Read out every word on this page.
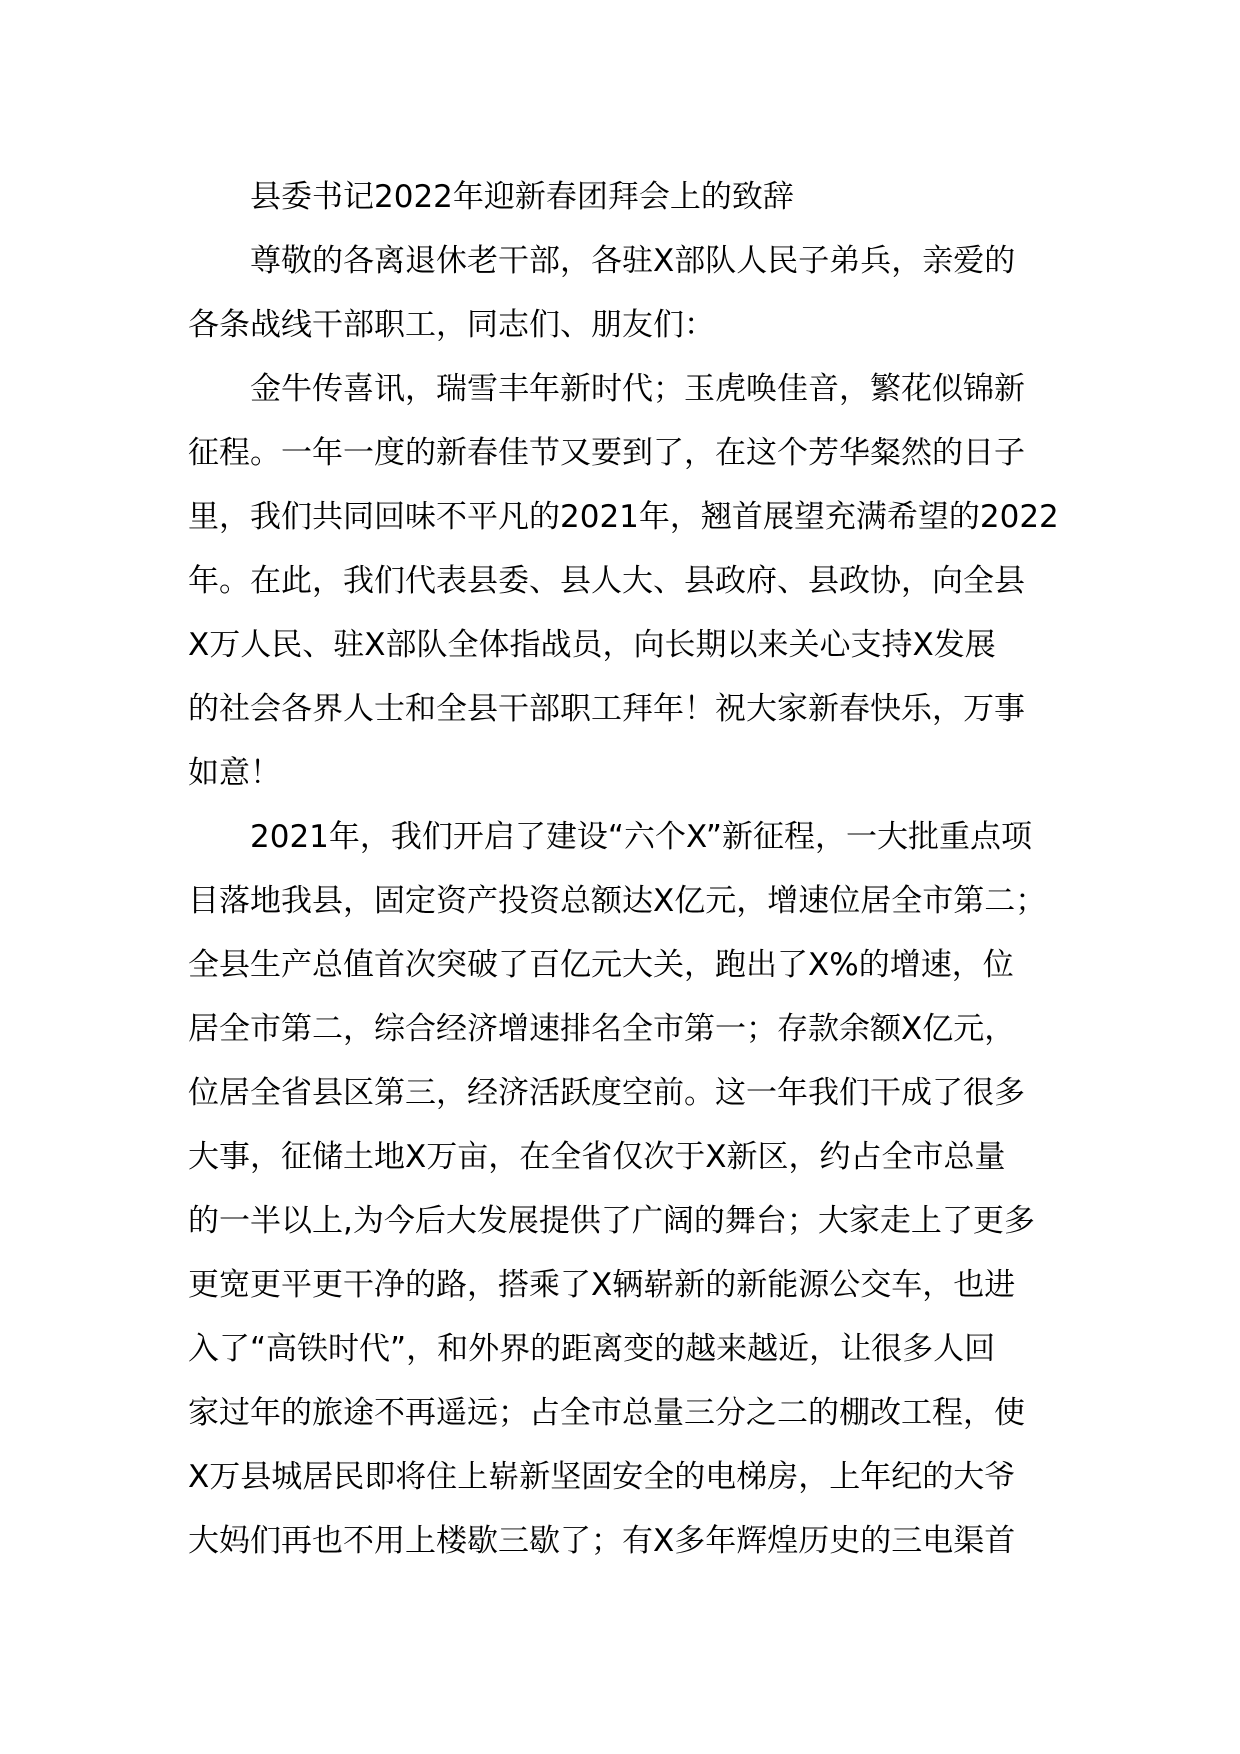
县委书记2022年迎新春团拜会上的致辞

尊敬的各离退休老干部，各驻X部队人民子弟兵，亲爱的

各条战线干部职工，同志们、朋友们：

金牛传喜讯，瑞雪丰年新时代；玉虎唤佳音，繁花似锦新

征程。一年一度的新春佳节又要到了，在这个芳华粲然的日子

里，我们共同回味不平凡的2021年，翘首展望充满希望的2022

年。在此，我们代表县委、县人大、县政府、县政协，向全县

X万人民、驻X部队全体指战员，向长期以来关心支持X发展

的社会各界人士和全县干部职工拜年！祝大家新春快乐，万事

如意！

2021年，我们开启了建设“六个X”新征程，一大批重点项

目落地我县，固定资产投资总额达X亿元，增速位居全市第二；

全县生产总值首次突破了百亿元大关，跑出了X%的增速，位

居全市第二，综合经济增速排名全市第一；存款余额X亿元，

位居全省县区第三，经济活跃度空前。这一年我们干成了很多

大事，征储土地X万亩，在全省仅次于X新区，约占全市总量

的一半以上,为今后大发展提供了广阔的舞台；大家走上了更多

更宽更平更干净的路，搭乘了X辆崭新的新能源公交车，也进

入了“高铁时代”，和外界的距离变的越来越近，让很多人回

家过年的旅途不再遥远；占全市总量三分之二的棚改工程，使

X万县城居民即将住上崭新坚固安全的电梯房，上年纪的大爷

大妈们再也不用上楼歇三歇了；有X多年辉煌历史的三电渠首
